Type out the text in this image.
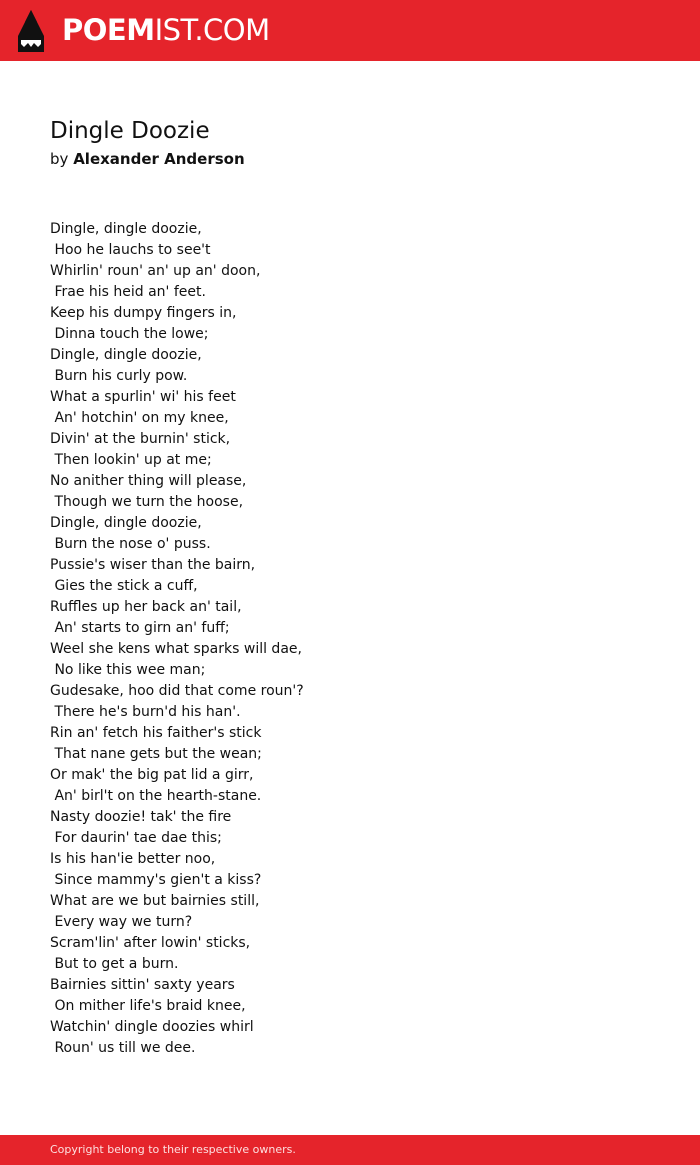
POEMIST.COM
Dingle Doozie
by Alexander Anderson
Dingle, dingle doozie,
Hoo he lauchs to see't
Whirlin' roun' an' up an' doon,
Frae his heid an' feet.
Keep his dumpy fingers in,
Dinna touch the lowe;
Dingle, dingle doozie,
Burn his curly pow.
What a spurlin' wi' his feet
An' hotchin' on my knee,
Divin' at the burnin' stick,
Then lookin' up at me;
No anither thing will please,
Though we turn the hoose,
Dingle, dingle doozie,
Burn the nose o' puss.
Pussie's wiser than the bairn,
Gies the stick a cuff,
Ruffles up her back an' tail,
An' starts to girn an' fuff;
Weel she kens what sparks will dae,
No like this wee man;
Gudesake, hoo did that come roun'?
There he's burn'd his han'.
Rin an' fetch his faither's stick
That nane gets but the wean;
Or mak' the big pat lid a girr,
An' birl't on the hearth-stane.
Nasty doozie! tak' the fire
For daurin' tae dae this;
Is his han'ie better noo,
Since mammy's gien't a kiss?
What are we but bairnies still,
Every way we turn?
Scram'lin' after lowin' sticks,
But to get a burn.
Bairnies sittin' saxty years
On mither life's braid knee,
Watchin' dingle doozies whirl
Roun' us till we dee.
Copyright belong to their respective owners.
